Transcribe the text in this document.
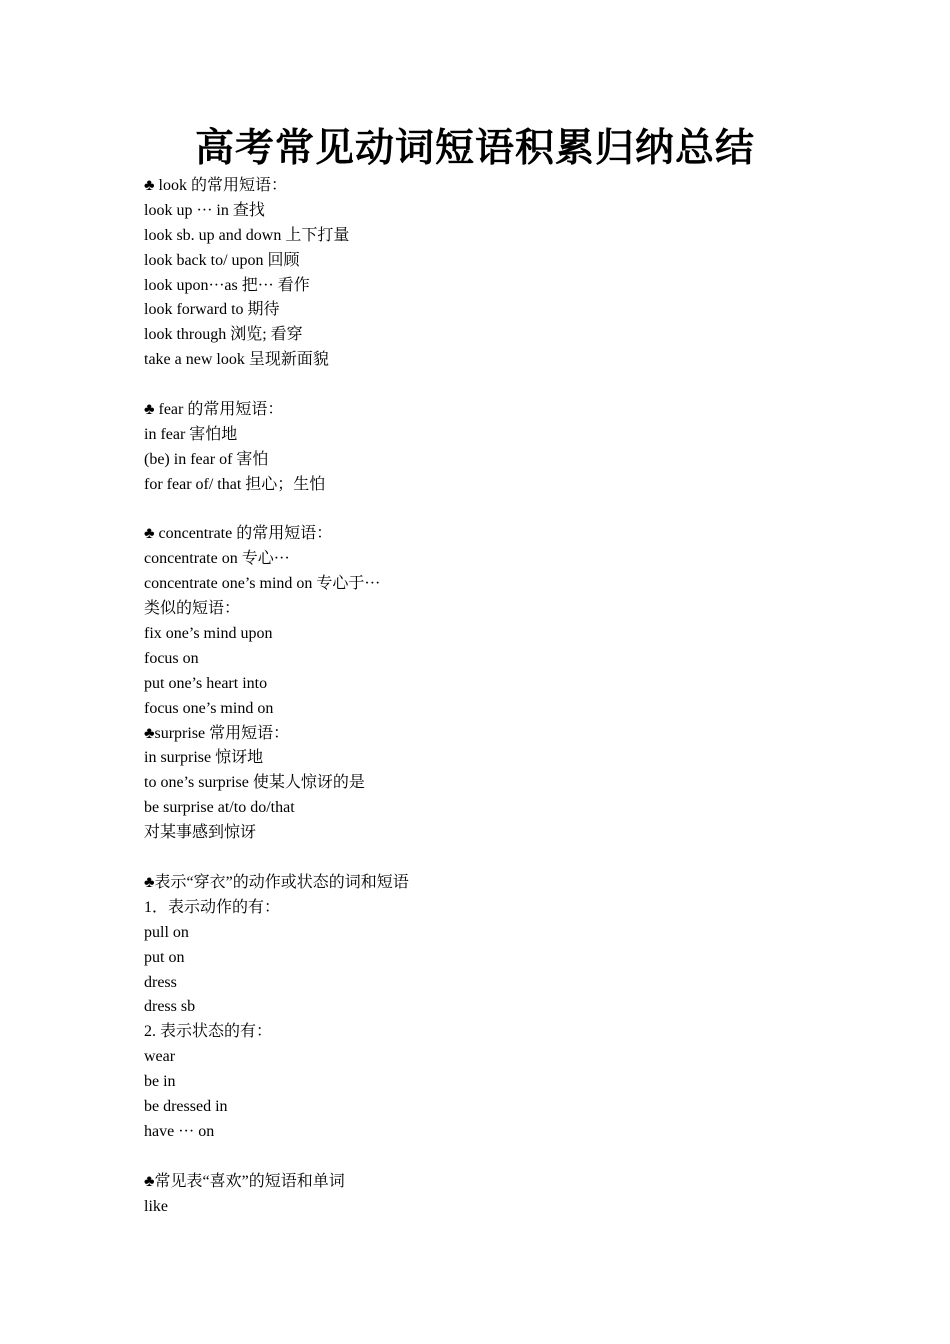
高考常见动词短语积累归纳总结
♣ look 的常用短语：
look up ··· in 查找
look sb. up and down 上下打量
look back to/ upon 回顾
look upon···as 把··· 看作
look forward to 期待
look through 浏览; 看穿
take a new look 呈现新面貌
♣ fear 的常用短语：
in fear 害怕地
(be) in fear of 害怕
for fear of/ that 担心；生怕
♣ concentrate 的常用短语：
concentrate on 专心···
concentrate one’s mind on 专心于···
类似的短语：
fix one’s mind upon
focus on
put one’s heart into
focus one’s mind on
♣surprise 常用短语：
in surprise 惊讶地
to one’s surprise 使某人惊讶的是
be surprise at/to do/that
对某事感到惊讶
♣表示“穿衣”的动作或状态的词和短语
1．表示动作的有：
pull on
put on
dress
dress sb
2. 表示状态的有：
wear
be in
be dressed in
have ··· on
♣常见表“喜欢”的短语和单词
like
